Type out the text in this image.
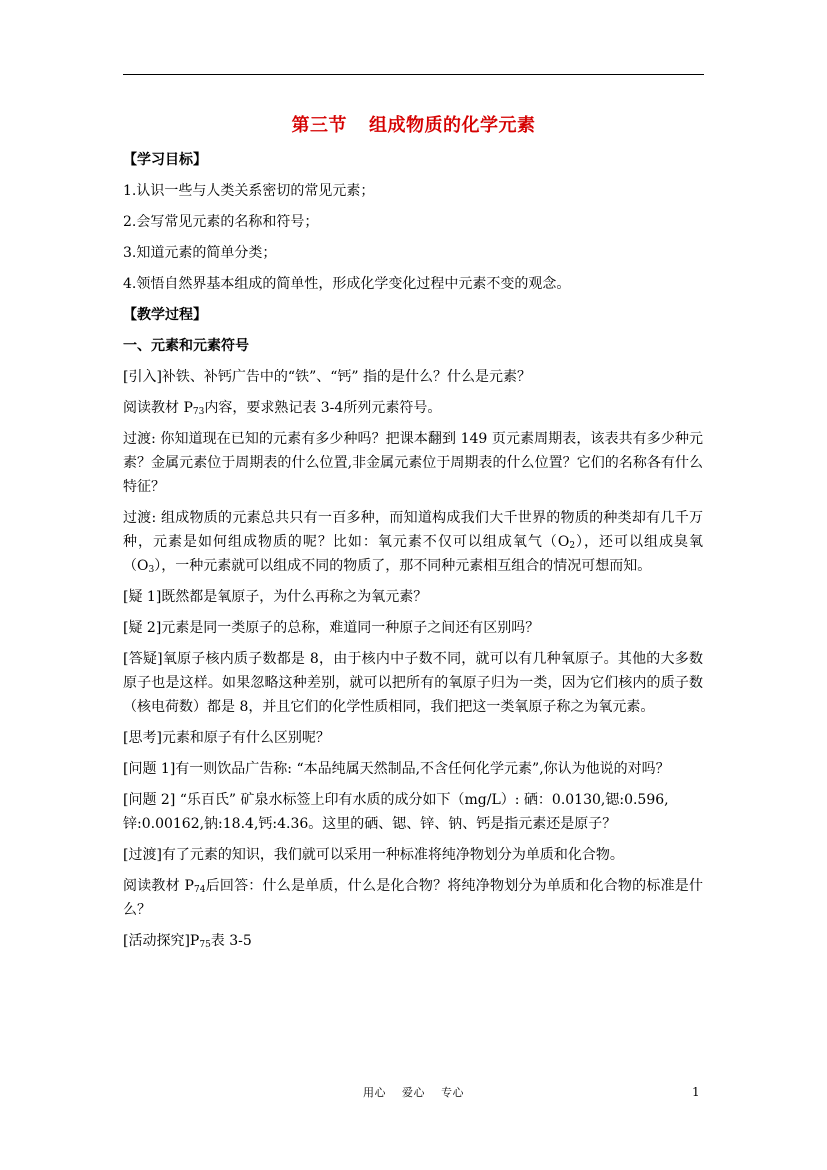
第三节 组成物质的化学元素

【学习目标】

1.认识一些与人类关系密切的常见元素；

2.会写常见元素的名称和符号；

3.知道元素的简单分类；

4.领悟自然界基本组成的简单性，形成化学变化过程中元素不变的观念。

【教学过程】

一、元素和元素符号

[引入]补铁、补钙广告中的“铁”、“钙” 指的是什么？什么是元素？

阅读教材 $P_{73}$内容，要求熟记表 3-4所列元素符号。

过渡: 你知道现在已知的元素有多少种吗？把课本翻到 149 页元素周期表，该表共有多少种元素？金属元素位于周期表的什么位置,非金属元素位于周期表的什么位置？它们的名称各有什么特征？

过渡: 组成物质的元素总共只有一百多种，而知道构成我们大千世界的物质的种类却有几千万种，元素是如何组成物质的呢？比如：氧元素不仅可以组成氧气$(O_2)$，还可以组成臭氧$(O_3)$，一种元素就可以组成不同的物质了，那不同种元素相互组合的情况可想而知。

[疑 1]既然都是氧原子，为什么再称之为氧元素？

[疑 2]元素是同一类原子的总称，难道同一种原子之间还有区别吗？

[答疑]氧原子核内质子数都是 8，由于核内中子数不同，就可以有几种氧原子。其他的大多数原子也是这样。如果忽略这种差别，就可以把所有的氧原子归为一类，因为它们核内的质子数（核电荷数）都是 8，并且它们的化学性质相同，我们把这一类氧原子称之为氧元素。

[思考]元素和原子有什么区别呢？

[问题 1]有一则饮品广告称: “本品纯属天然制品,不含任何化学元素”,你认为他说的对吗？

[问题 2] “乐百氏” 矿泉水标签上印有水质的成分如下（mg/L）: 硒：0.0130,锶:0.596,
锌:0.00162,钠:18.4,钙:4.36。这里的硒、锶、锌、钠、钙是指元素还是原子？

[过渡]有了元素的知识，我们就可以采用一种标准将纯净物划分为单质和化合物。

阅读教材 $P_{74}$后回答：什么是单质，什么是化合物？将纯净物划分为单质和化合物的标准是什么？

[活动探究]$P_{75}$表 3-5

用心 爱心 专心	1
